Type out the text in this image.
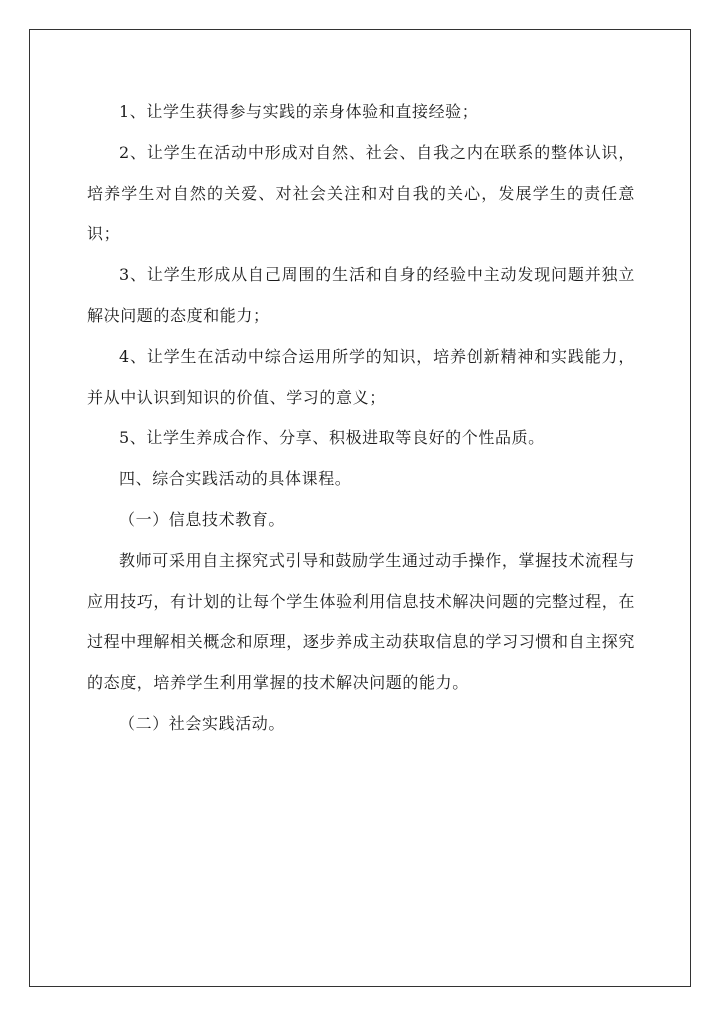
1、让学生获得参与实践的亲身体验和直接经验；

2、让学生在活动中形成对自然、社会、自我之内在联系的整体认识，培养学生对自然的关爱、对社会关注和对自我的关心，发展学生的责任意识；

3、让学生形成从自己周围的生活和自身的经验中主动发现问题并独立解决问题的态度和能力；

4、让学生在活动中综合运用所学的知识，培养创新精神和实践能力，并从中认识到知识的价值、学习的意义；

5、让学生养成合作、分享、积极进取等良好的个性品质。

四、综合实践活动的具体课程。

（一）信息技术教育。

教师可采用自主探究式引导和鼓励学生通过动手操作，掌握技术流程与应用技巧，有计划的让每个学生体验利用信息技术解决问题的完整过程，在过程中理解相关概念和原理，逐步养成主动获取信息的学习习惯和自主探究的态度，培养学生利用掌握的技术解决问题的能力。

（二）社会实践活动。
